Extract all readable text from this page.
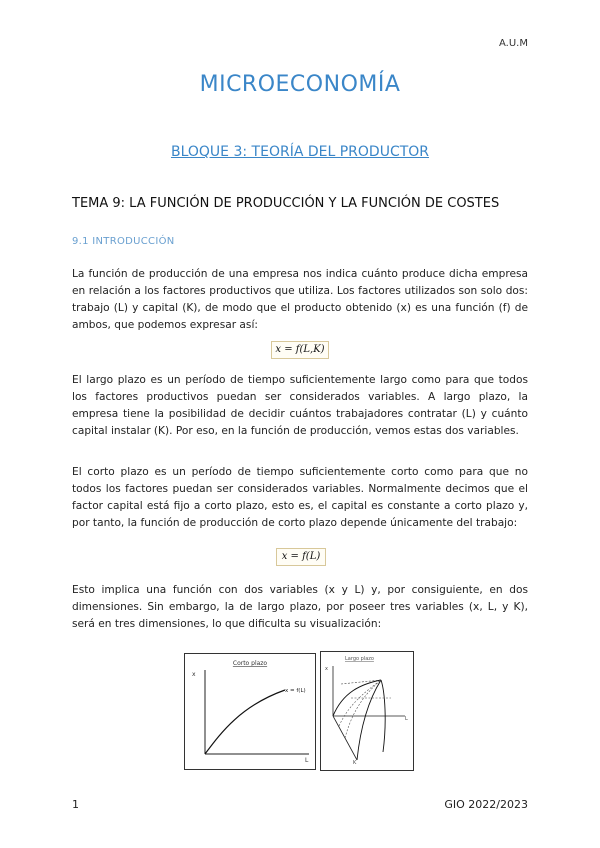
A.U.M
MICROECONOMÍA
BLOQUE 3: TEORÍA DEL PRODUCTOR
TEMA 9: LA FUNCIÓN DE PRODUCCIÓN Y LA FUNCIÓN DE COSTES
9.1 INTRODUCCIÓN
La función de producción de una empresa nos indica cuánto produce dicha empresa en relación a los factores productivos que utiliza. Los factores utilizados son solo dos: trabajo (L) y capital (K), de modo que el producto obtenido (x) es una función (f) de ambos, que podemos expresar así:
x = f(L,K)
El largo plazo es un período de tiempo suficientemente largo como para que todos los factores productivos puedan ser considerados variables. A largo plazo, la empresa tiene la posibilidad de decidir cuántos trabajadores contratar (L) y cuánto capital instalar (K). Por eso, en la función de producción, vemos estas dos variables.
El corto plazo es un período de tiempo suficientemente corto como para que no todos los factores puedan ser considerados variables. Normalmente decimos que el factor capital está fijo a corto plazo, esto es, el capital es constante a corto plazo y, por tanto, la función de producción de corto plazo depende únicamente del trabajo:
x = f(L)
Esto implica una función con dos variables (x y L) y, por consiguiente, en dos dimensiones. Sin embargo, la de largo plazo, por poseer tres variables (x, L, y K), será en tres dimensiones, lo que dificulta su visualización:
Corto plazo
x
L
x = f(L)
Largo plazo
x
L
K
1	GIO 2022/2023
